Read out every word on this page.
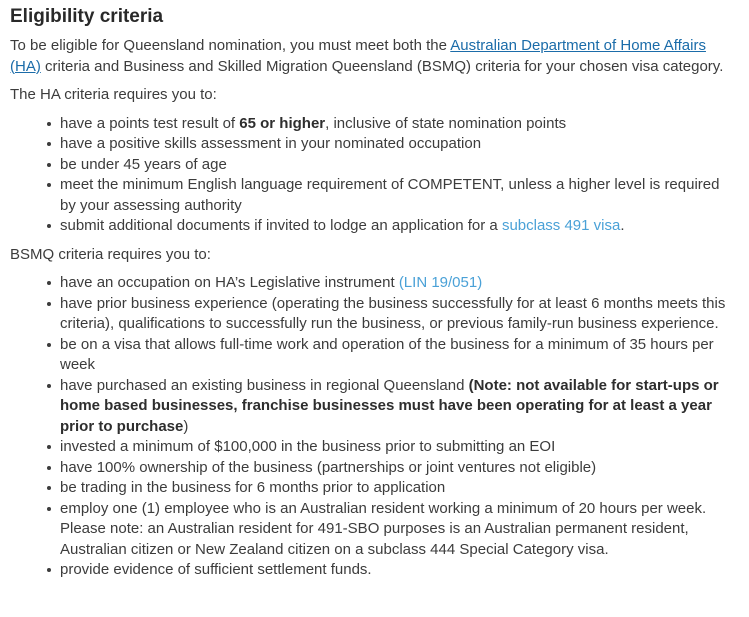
Eligibility criteria

To be eligible for Queensland nomination, you must meet both the Australian Department of Home Affairs (HA) criteria and Business and Skilled Migration Queensland (BSMQ) criteria for your chosen visa category.

The HA criteria requires you to:

have a points test result of 65 or higher, inclusive of state nomination points
have a positive skills assessment in your nominated occupation
be under 45 years of age
meet the minimum English language requirement of COMPETENT, unless a higher level is required by your assessing authority
submit additional documents if invited to lodge an application for a subclass 491 visa.

BSMQ criteria requires you to:

have an occupation on HA’s Legislative instrument (LIN 19/051)
have prior business experience (operating the business successfully for at least 6 months meets this criteria), qualifications to successfully run the business, or previous family-run business experience.
be on a visa that allows full-time work and operation of the business for a minimum of 35 hours per week
have purchased an existing business in regional Queensland (Note: not available for start-ups or home based businesses, franchise businesses must have been operating for at least a year prior to purchase)
invested a minimum of $100,000 in the business prior to submitting an EOI
have 100% ownership of the business (partnerships or joint ventures not eligible)
be trading in the business for 6 months prior to application
employ one (1) employee who is an Australian resident working a minimum of 20 hours per week. Please note: an Australian resident for 491-SBO purposes is an Australian permanent resident, Australian citizen or New Zealand citizen on a subclass 444 Special Category visa.
provide evidence of sufficient settlement funds.
